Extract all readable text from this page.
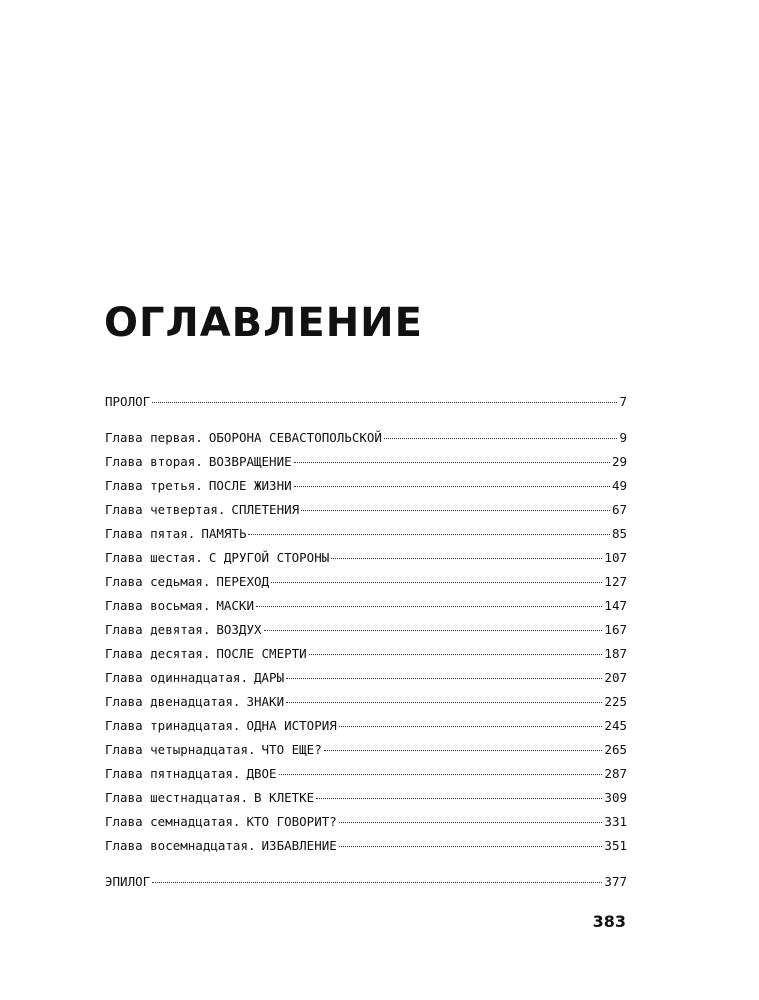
ОГЛАВЛЕНИЕ
ПРОЛОГ	7
Глава первая. ОБОРОНА СЕВАСТОПОЛЬСКОЙ	9
Глава вторая. ВОЗВРАЩЕНИЕ	29
Глава третья. ПОСЛЕ ЖИЗНИ	49
Глава четвертая. СПЛЕТЕНИЯ	67
Глава пятая. ПАМЯТЬ	85
Глава шестая. С ДРУГОЙ СТОРОНЫ	107
Глава седьмая. ПЕРЕХОД	127
Глава восьмая. МАСКИ	147
Глава девятая. ВОЗДУХ	167
Глава десятая. ПОСЛЕ СМЕРТИ	187
Глава одиннадцатая. ДАРЫ	207
Глава двенадцатая. ЗНАКИ	225
Глава тринадцатая. ОДНА ИСТОРИЯ	245
Глава четырнадцатая. ЧТО ЕЩЕ?	265
Глава пятнадцатая. ДВОЕ	287
Глава шестнадцатая. В КЛЕТКЕ	309
Глава семнадцатая. КТО ГОВОРИТ?	331
Глава восемнадцатая. ИЗБАВЛЕНИЕ	351
ЭПИЛОГ	377
383
